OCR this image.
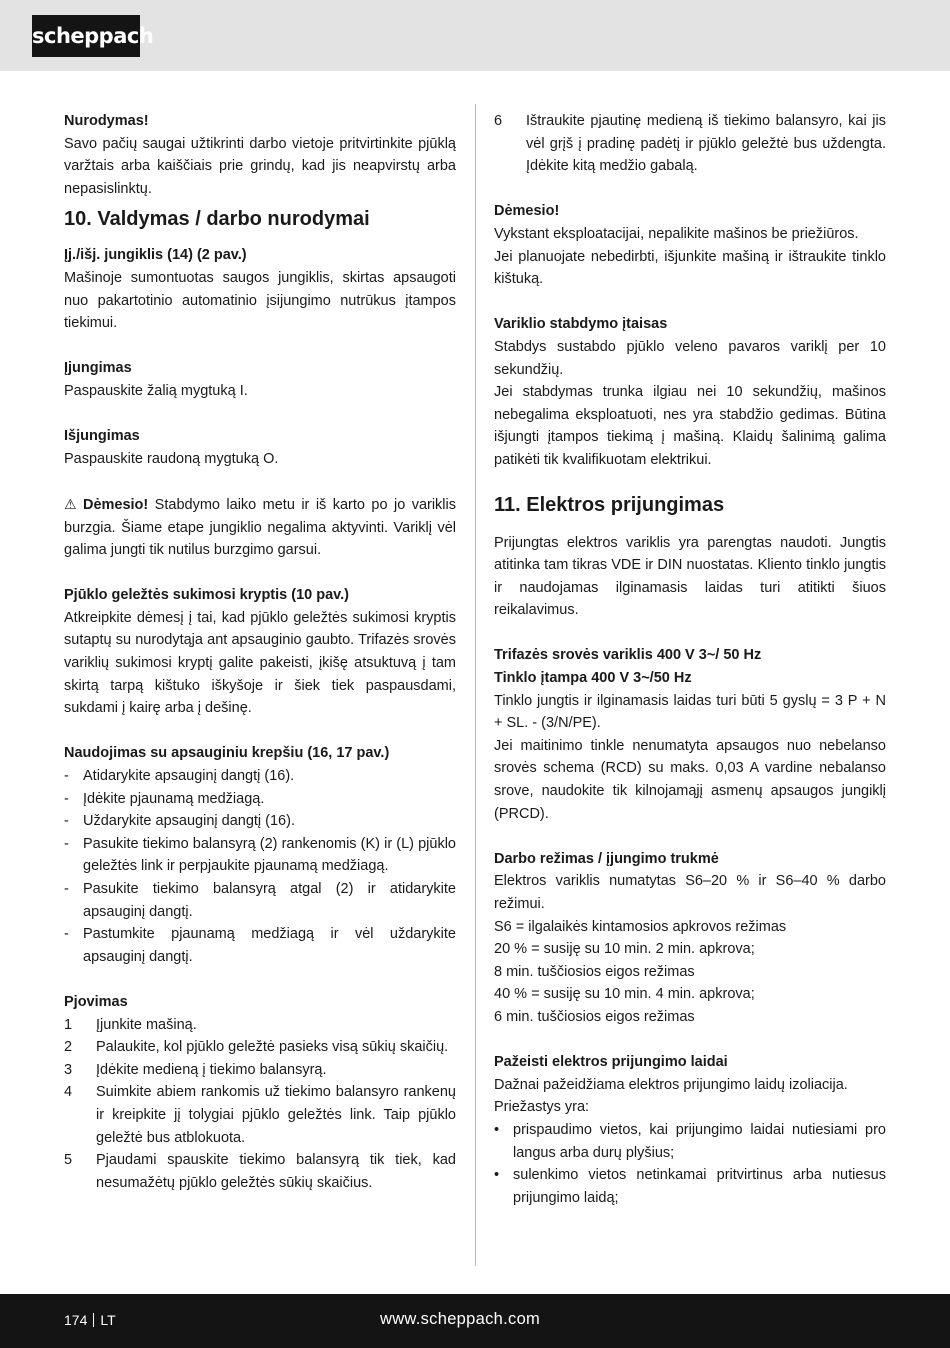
scheppach

Nurodymas!

Savo pačių saugai užtikrinti darbo vietoje pritvirtinkite pjūklą varžtais arba kaiščiais prie grindų, kad jis neapvirstų arba nepasislinktų.

10. Valdymas / darbo nurodymai

Įj./išj. jungiklis (14) (2 pav.)

Mašinoje sumontuotas saugos jungiklis, skirtas apsaugoti nuo pakartotinio automatinio įsijungimo nutrūkus įtampos tiekimui.

Įjungimas

Paspauskite žalią mygtuką I.

Išjungimas

Paspauskite raudoną mygtuką O.

⚠ Dėmesio! Stabdymo laiko metu ir iš karto po jo variklis burzgia. Šiame etape jungiklio negalima aktyvinti. Variklį vėl galima jungti tik nutilus burzgimo garsui.

Pjūklo geležtės sukimosi kryptis (10 pav.)

Atkreipkite dėmesį į tai, kad pjūklo geležtės sukimosi kryptis sutaptų su nurodytąja ant apsauginio gaubto. Trifazės srovės variklių sukimosi kryptį galite pakeisti, įkišę atsuktuvą į tam skirtą tarpą kištuko iškyšoje ir šiek tiek paspausdami, sukdami į kairę arba į dešinę.

Naudojimas su apsauginiu krepšiu (16, 17 pav.)

- Atidarykite apsauginį dangtį (16).
- Įdėkite pjaunamą medžiagą.
- Uždarykite apsauginį dangtį (16).
- Pasukite tiekimo balansyrą (2) rankenomis (K) ir (L) pjūklo geležtės link ir perpjaukite pjaunamą medžiagą.
- Pasukite tiekimo balansyrą atgal (2) ir atidarykite apsauginį dangtį.
- Pastumkite pjaunamą medžiagą ir vėl uždarykite apsauginį dangtį.

Pjovimas

1	Įjunkite mašiną.
2	Palaukite, kol pjūklo geležtė pasieks visą sūkių skaičių.
3	Įdėkite medieną į tiekimo balansyrą.
4	Suimkite abiem rankomis už tiekimo balansyro rankenų ir kreipkite jį tolygiai pjūklo geležtės link. Taip pjūklo geležtė bus atblokuota.
5	Pjaudami spauskite tiekimo balansyrą tik tiek, kad nesumažėtų pjūklo geležtės sūkių skaičius.
6	Ištraukite pjautinę medieną iš tiekimo balansyro, kai jis vėl grįš į pradinę padėtį ir pjūklo geležtė bus uždengta. Įdėkite kitą medžio gabalą.

Dėmesio!

Vykstant eksploatacijai, nepalikite mašinos be priežiūros.

Jei planuojate nebedirbti, išjunkite mašiną ir ištraukite tinklo kištuką.

Variklio stabdymo įtaisas

Stabdys sustabdo pjūklo veleno pavaros variklį per 10 sekundžių.

Jei stabdymas trunka ilgiau nei 10 sekundžių, mašinos nebegalima eksploatuoti, nes yra stabdžio gedimas. Būtina išjungti įtampos tiekimą į mašiną. Klaidų šalinimą galima patikėti tik kvalifikuotam elektrikui.

11. Elektros prijungimas

Prijungtas elektros variklis yra parengtas naudoti. Jungtis atitinka tam tikras VDE ir DIN nuostatas. Kliento tinklo jungtis ir naudojamas ilginamasis laidas turi atitikti šiuos reikalavimus.

Trifazės srovės variklis 400 V 3~/ 50 Hz

Tinklo įtampa 400 V 3~/50 Hz

Tinklo jungtis ir ilginamasis laidas turi būti 5 gyslų = 3 P + N + SL. - (3/N/PE).

Jei maitinimo tinkle nenumatyta apsaugos nuo nebelanso srovės schema (RCD) su maks. 0,03 A vardine nebalanso srove, naudokite tik kilnojamąjį asmenų apsaugos jungiklį (PRCD).

Darbo režimas / įjungimo trukmė

Elektros variklis numatytas S6–20 % ir S6–40 % darbo režimui.

S6 = ilgalaikės kintamosios apkrovos režimas

20 % = susiję su 10 min. 2 min. apkrova;

8 min. tuščiosios eigos režimas

40 % = susiję su 10 min. 4 min. apkrova;

6 min. tuščiosios eigos režimas

Pažeisti elektros prijungimo laidai

Dažnai pažeidžiama elektros prijungimo laidų izoliacija.

Priežastys yra:

• prispaudimo vietos, kai prijungimo laidai nutiesiami pro langus arba durų plyšius;
• sulenkimo vietos netinkamai pritvirtinus arba nutiesus prijungimo laidą;
174 LT	www.scheppach.com
